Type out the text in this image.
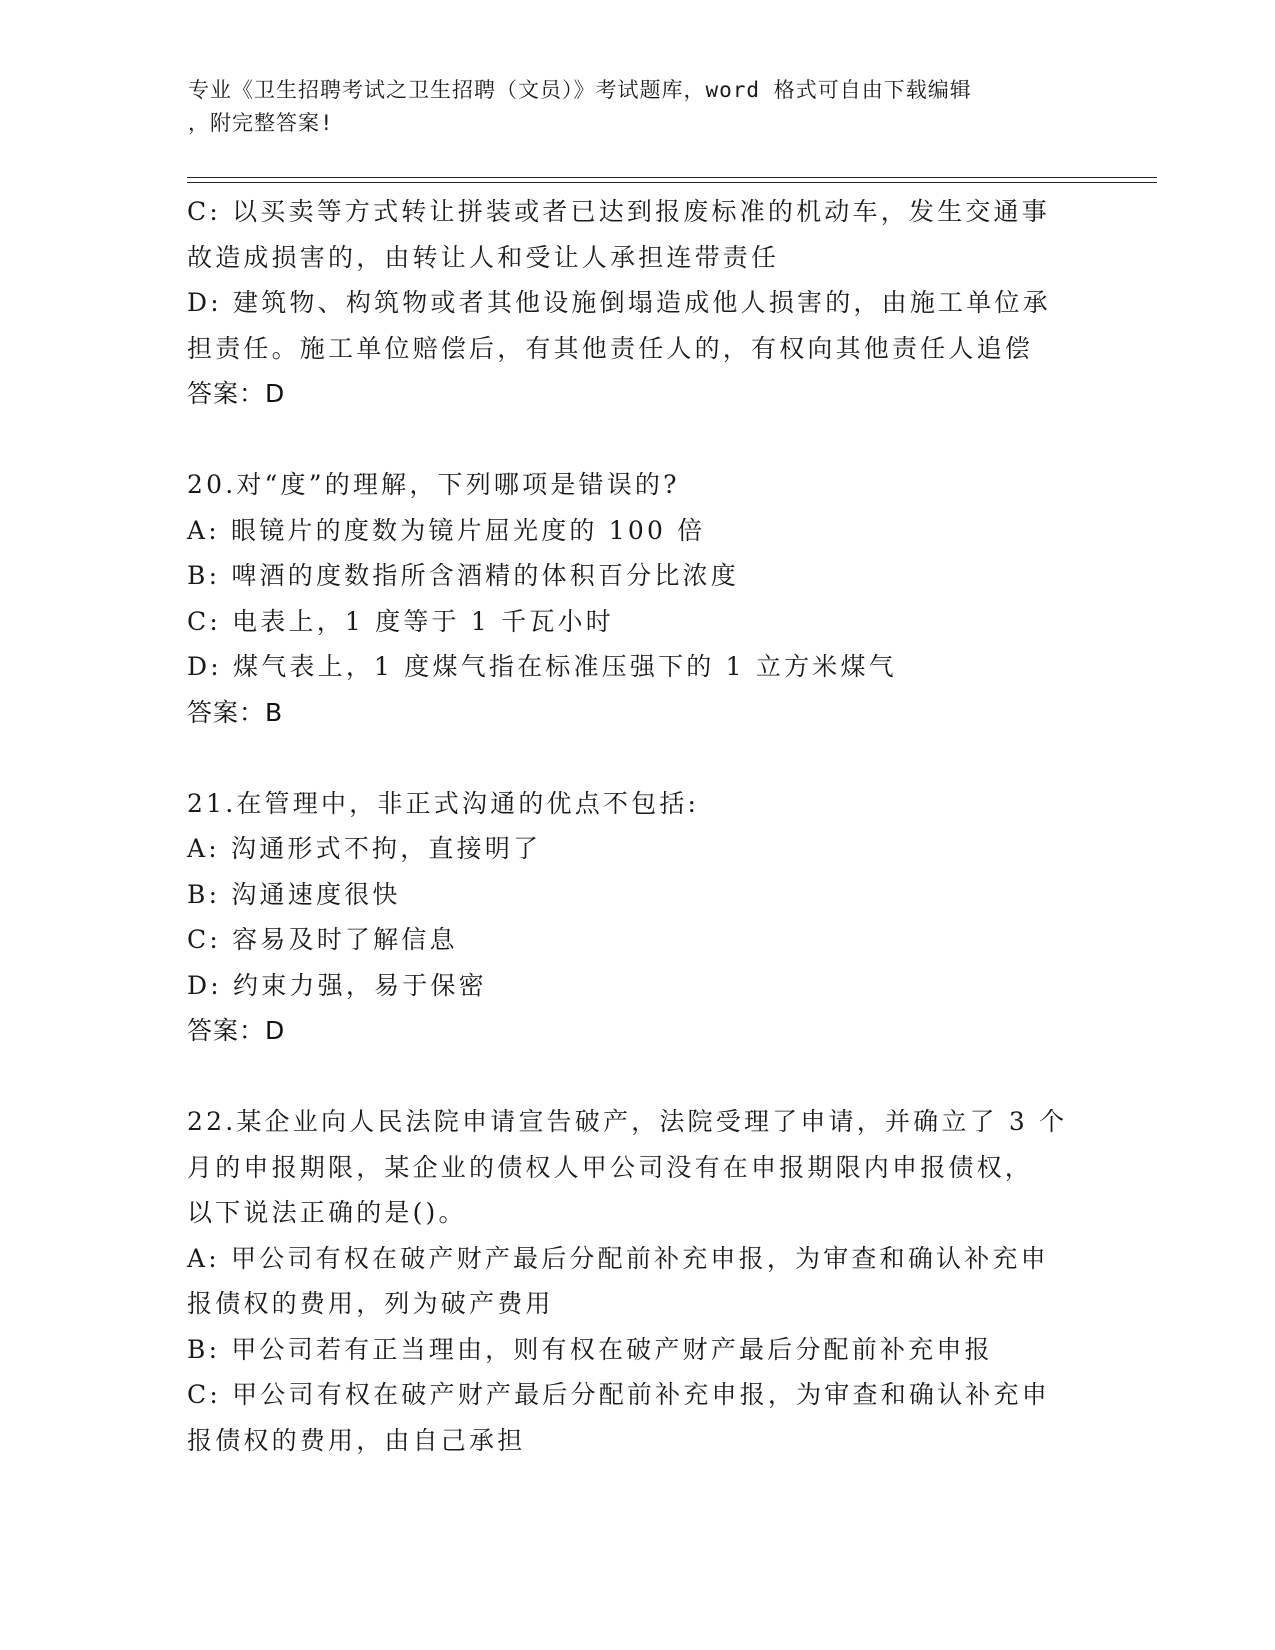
专业《卫生招聘考试之卫生招聘（文员）》考试题库，word 格式可自由下载编辑
，附完整答案!
C: 以买卖等方式转让拼装或者已达到报废标准的机动车，发生交通事
故造成损害的，由转让人和受让人承担连带责任
D: 建筑物、构筑物或者其他设施倒塌造成他人损害的，由施工单位承
担责任。施工单位赔偿后，有其他责任人的，有权向其他责任人追偿
答案：D
20.对“度”的理解，下列哪项是错误的?
A: 眼镜片的度数为镜片屈光度的 100 倍
B: 啤酒的度数指所含酒精的体积百分比浓度
C: 电表上，1 度等于 1 千瓦小时
D: 煤气表上，1 度煤气指在标准压强下的 1 立方米煤气
答案：B
21.在管理中，非正式沟通的优点不包括:
A: 沟通形式不拘，直接明了
B: 沟通速度很快
C: 容易及时了解信息
D: 约束力强，易于保密
答案：D
22.某企业向人民法院申请宣告破产，法院受理了申请，并确立了 3 个
月的申报期限，某企业的债权人甲公司没有在申报期限内申报债权，
以下说法正确的是()。
A: 甲公司有权在破产财产最后分配前补充申报，为审查和确认补充申
报债权的费用，列为破产费用
B: 甲公司若有正当理由，则有权在破产财产最后分配前补充申报
C: 甲公司有权在破产财产最后分配前补充申报，为审查和确认补充申
报债权的费用，由自己承担
